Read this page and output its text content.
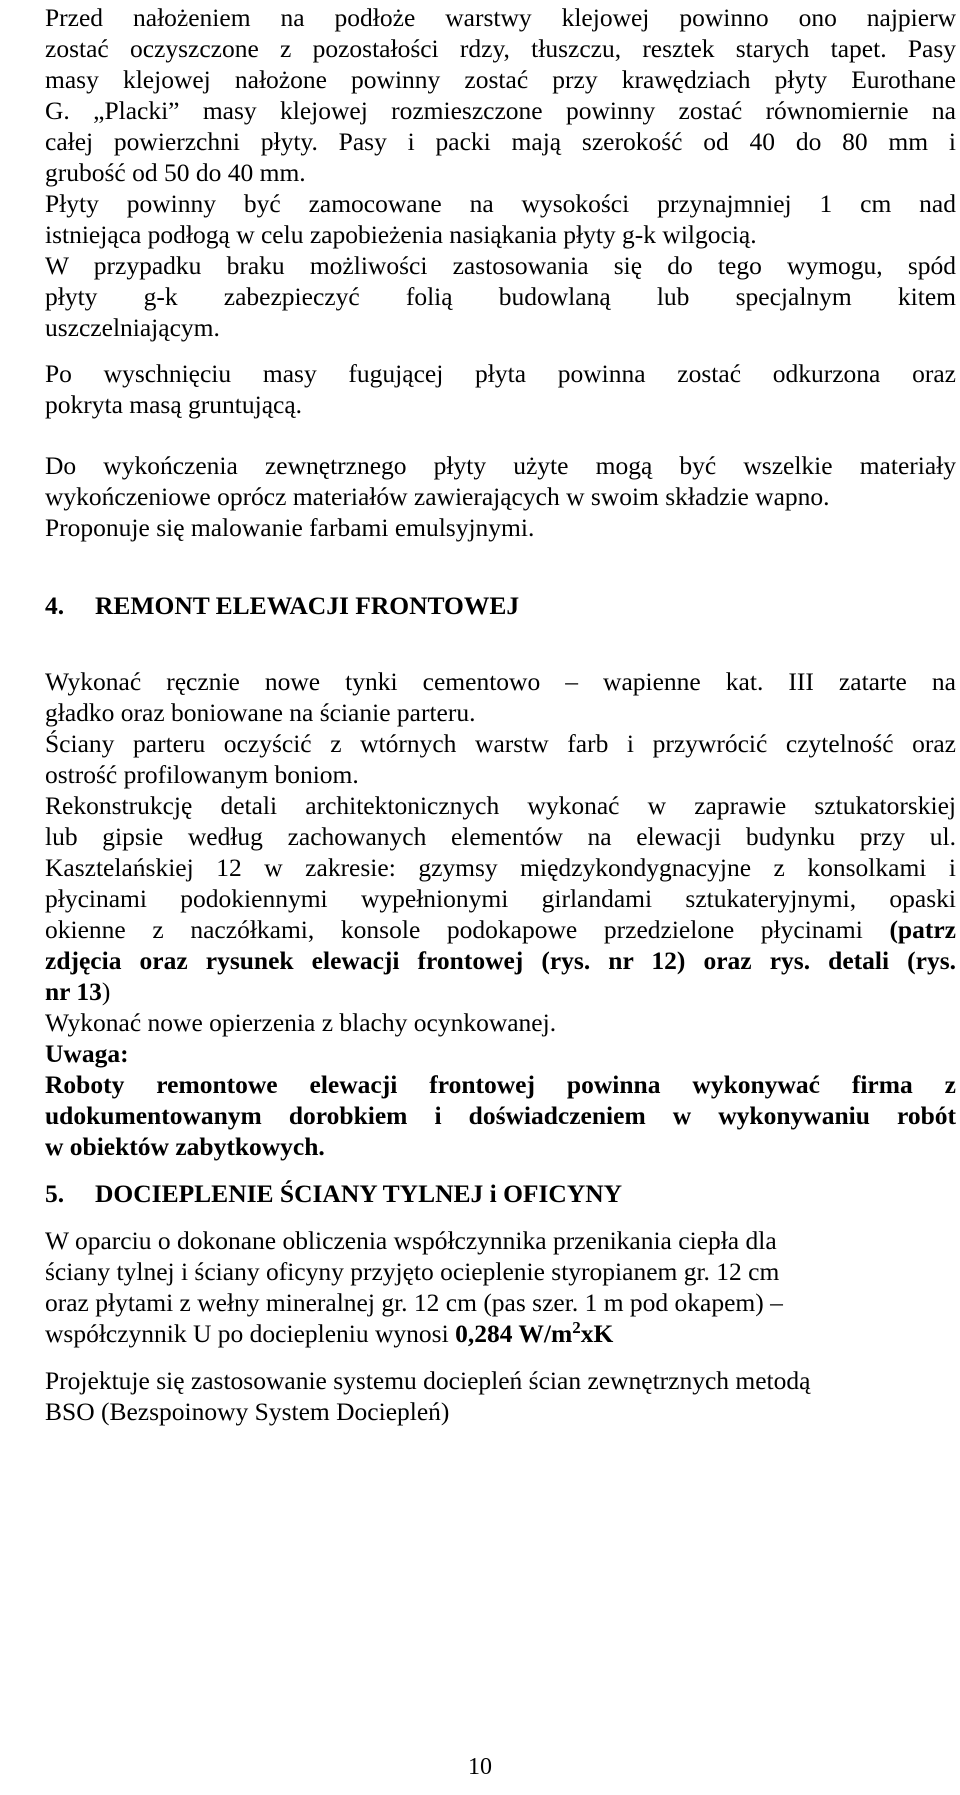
Przed nałożeniem na podłoże warstwy klejowej powinno ono najpierw
zostać oczyszczone z pozostałości rdzy, tłuszczu, resztek starych tapet. Pasy
masy klejowej nałożone powinny zostać przy krawędziach płyty Eurothane
G. „Placki” masy klejowej rozmieszczone powinny zostać równomiernie na
całej powierzchni płyty. Pasy i packi mają szerokość od 40 do 80 mm i
grubość od 50 do 40 mm.
Płyty powinny być zamocowane na wysokości przynajmniej 1 cm nad
istniejąca podłogą w celu zapobieżenia nasiąkania płyty g-k wilgocią.
W przypadku braku możliwości zastosowania się do tego wymogu, spód
płyty g-k zabezpieczyć folią budowlaną lub specjalnym kitem
uszczelniającym.
Po wyschnięciu masy fugującej płyta powinna zostać odkurzona oraz
pokryta masą gruntującą.
Do wykończenia zewnętrznego płyty użyte mogą być wszelkie materiały
wykończeniowe oprócz materiałów zawierających w swoim składzie wapno.
Proponuje się malowanie farbami emulsyjnymi.
4. REMONT ELEWACJI FRONTOWEJ
Wykonać ręcznie nowe tynki cementowo – wapienne kat. III zatarte na
gładko oraz boniowane na ścianie parteru.
Ściany parteru oczyścić z wtórnych warstw farb i przywrócić czytelność oraz
ostrość profilowanym boniom.
Rekonstrukcję detali architektonicznych wykonać w zaprawie sztukatorskiej
lub gipsie według zachowanych elementów na elewacji budynku przy ul.
Kasztelańskiej 12 w zakresie: gzymsy międzykondygnacyjne z konsolkami i
płycinami podokiennymi wypełnionymi girlandami sztukateryjnymi, opaski
okienne z naczółkami, konsole podokapowe przedzielone płycinami (patrz
zdjęcia oraz rysunek elewacji frontowej (rys. nr 12) oraz rys. detali (rys.
nr 13)
Wykonać nowe opierzenia z blachy ocynkowanej.
Uwaga:
Roboty remontowe elewacji frontowej powinna wykonywać firma z
udokumentowanym dorobkiem i doświadczeniem w wykonywaniu robót
w obiektów zabytkowych.
5. DOCIEPLENIE ŚCIANY TYLNEJ i OFICYNY
W oparciu o dokonane obliczenia współczynnika przenikania ciepła dla
ściany tylnej i ściany oficyny przyjęto ocieplenie styropianem gr. 12 cm
oraz płytami z wełny mineralnej gr. 12 cm (pas szer. 1 m pod okapem) –
współczynnik U po dociepleniu wynosi 0,284 $W/m^2xK$
Projektuje się zastosowanie systemu dociepleń ścian zewnętrznych metodą
BSO (Bezspoinowy System Dociepleń)
10
